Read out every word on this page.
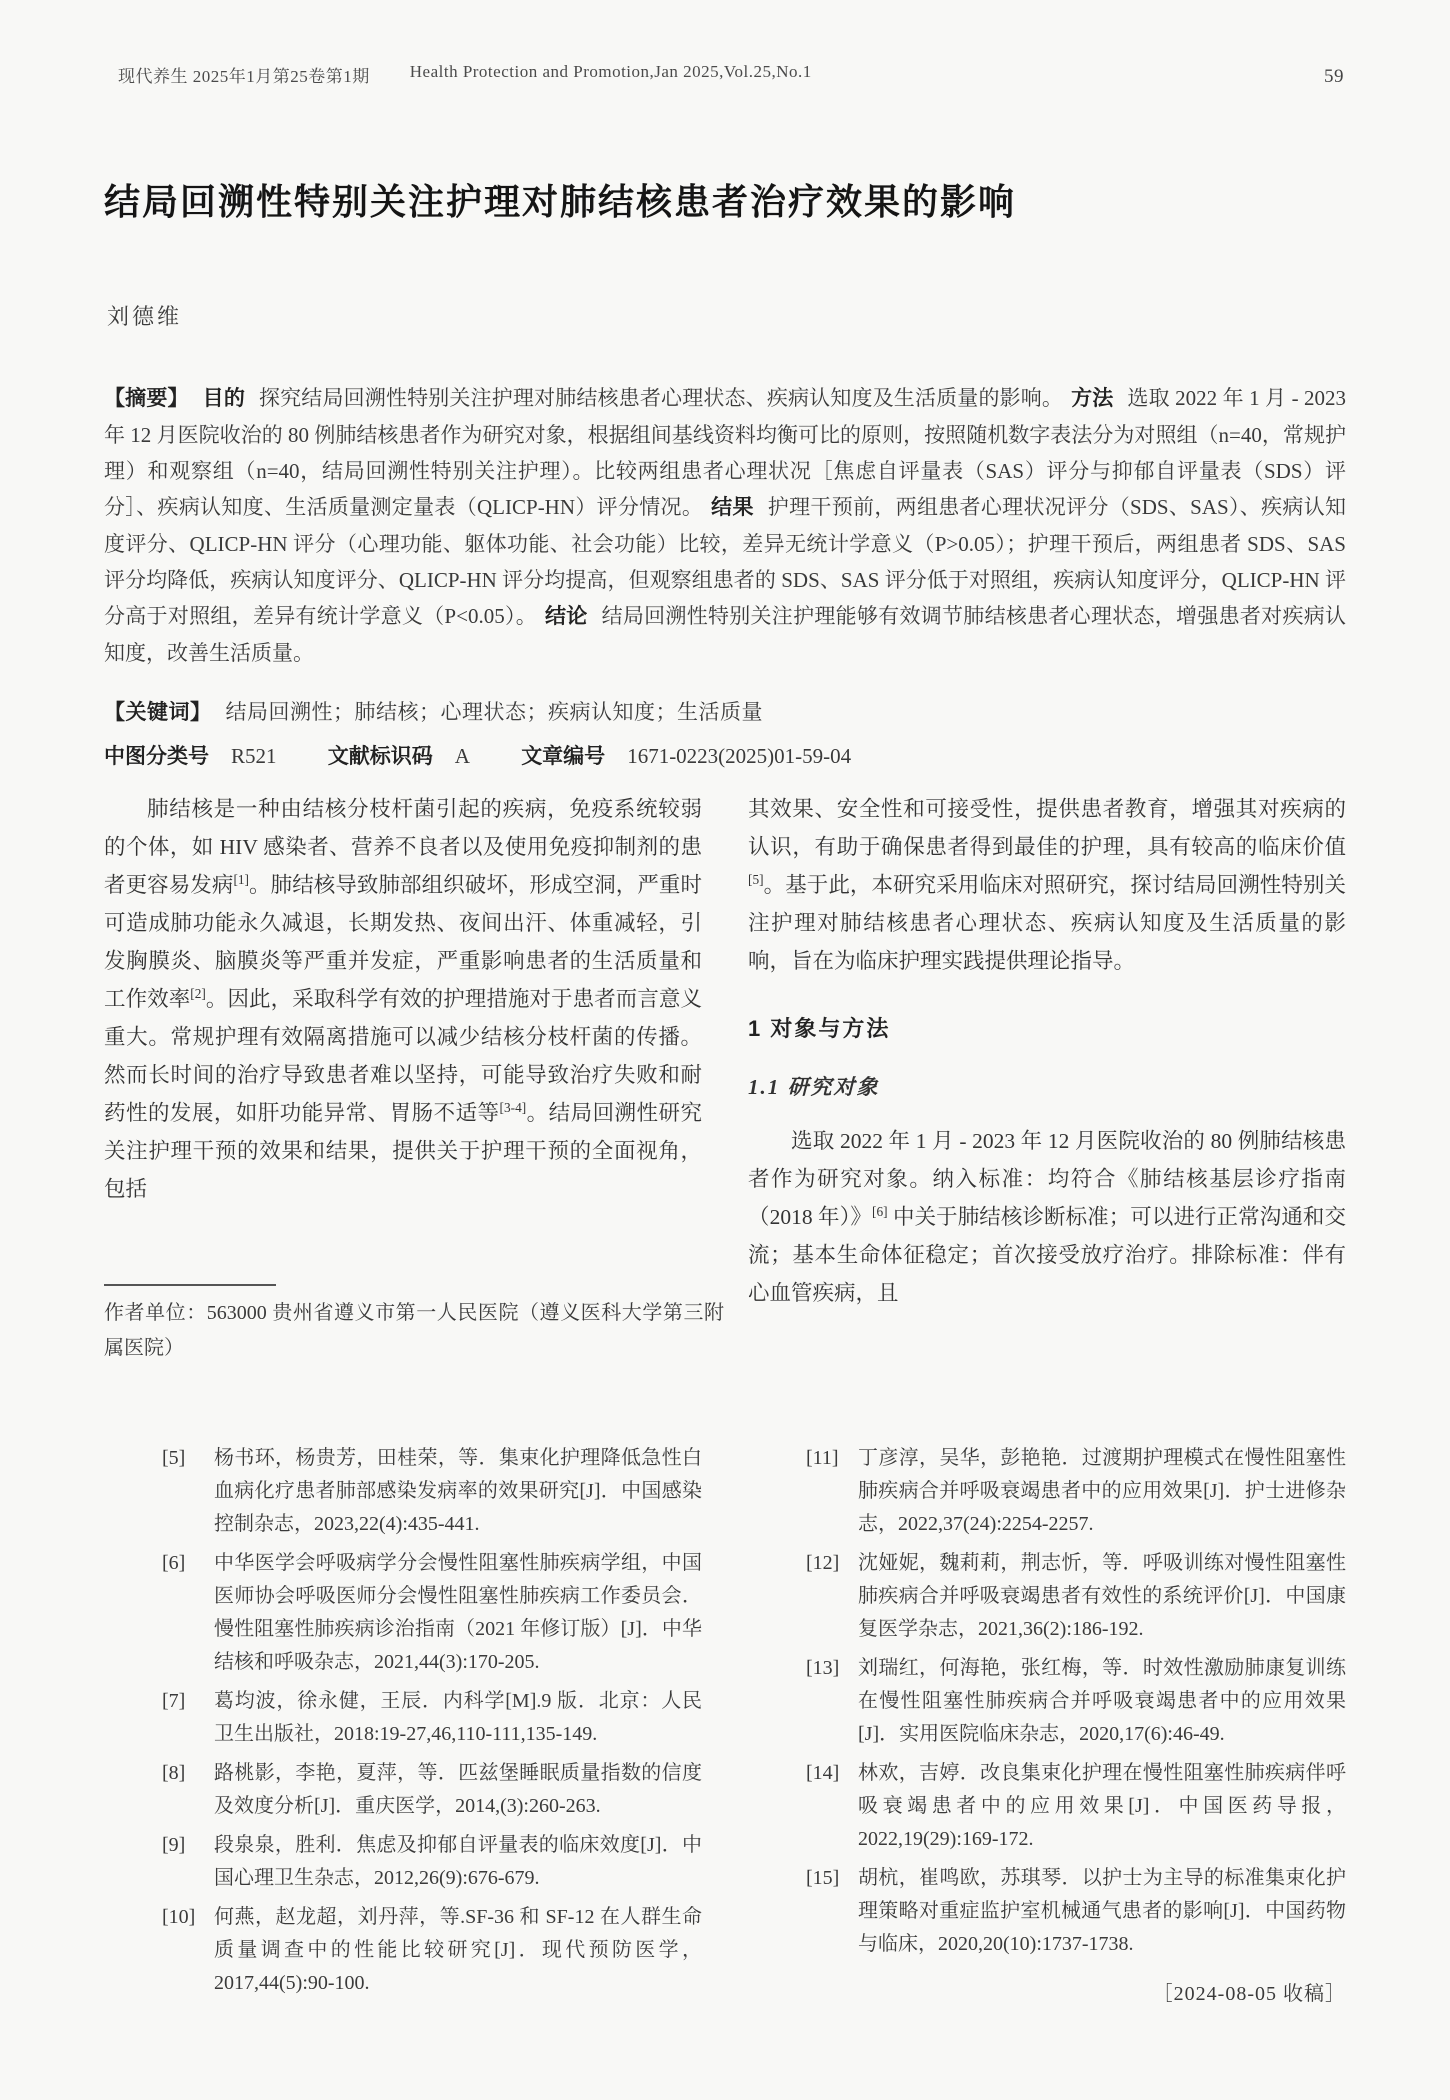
现代养生 2025年1月第25卷第1期 Health Protection and Promotion,Jan 2025,Vol.25,No.1	59
结局回溯性特别关注护理对肺结核患者治疗效果的影响
刘德维
【摘要】 目的 探究结局回溯性特别关注护理对肺结核患者心理状态、疾病认知度及生活质量的影响。 方法 选取 2022 年 1 月 - 2023 年 12 月医院收治的 80 例肺结核患者作为研究对象，根据组间基线资料均衡可比的原则，按照随机数字表法分为对照组（n=40，常规护理）和观察组（n=40，结局回溯性特别关注护理）。比较两组患者心理状况［焦虑自评量表（SAS）评分与抑郁自评量表（SDS）评分］、疾病认知度、生活质量测定量表（QLICP-HN）评分情况。 结果 护理干预前，两组患者心理状况评分（SDS、SAS）、疾病认知度评分、QLICP-HN 评分（心理功能、躯体功能、社会功能）比较，差异无统计学意义（P>0.05）；护理干预后，两组患者 SDS、SAS 评分均降低，疾病认知度评分、QLICP-HN 评分均提高，但观察组患者的 SDS、SAS 评分低于对照组，疾病认知度评分，QLICP-HN 评分高于对照组，差异有统计学意义（P<0.05）。 结论 结局回溯性特别关注护理能够有效调节肺结核患者心理状态，增强患者对疾病认知度，改善生活质量。
【关键词】 结局回溯性；肺结核；心理状态；疾病认知度；生活质量
中图分类号 R521 文献标识码 A 文章编号 1671-0223(2025)01-59-04

肺结核是一种由结核分枝杆菌引起的疾病，免疫系统较弱的个体，如 HIV 感染者、营养不良者以及使用免疫抑制剂的患者更容易发病[1]。肺结核导致肺部组织破坏，形成空洞，严重时可造成肺功能永久减退，长期发热、夜间出汗、体重减轻，引发胸膜炎、脑膜炎等严重并发症，严重影响患者的生活质量和工作效率[2]。因此，采取科学有效的护理措施对于患者而言意义重大。常规护理有效隔离措施可以减少结核分枝杆菌的传播。然而长时间的治疗导致患者难以坚持，可能导致治疗失败和耐药性的发展，如肝功能异常、胃肠不适等[3-4]。结局回溯性研究关注护理干预的效果和结果，提供关于护理干预的全面视角，包括

其效果、安全性和可接受性，提供患者教育，增强其对疾病的认识，有助于确保患者得到最佳的护理，具有较高的临床价值[5]。基于此，本研究采用临床对照研究，探讨结局回溯性特别关注护理对肺结核患者心理状态、疾病认知度及生活质量的影响，旨在为临床护理实践提供理论指导。

1 对象与方法
1.1 研究对象

选取 2022 年 1 月 - 2023 年 12 月医院收治的 80 例肺结核患者作为研究对象。纳入标准：均符合《肺结核基层诊疗指南（2018 年）》[6] 中关于肺结核诊断标准；可以进行正常沟通和交流；基本生命体征稳定；首次接受放疗治疗。排除标准：伴有心血管疾病，且

作者单位：563000 贵州省遵义市第一人民医院（遵义医科大学第三附属医院）
[5]	杨书环，杨贵芳，田桂荣，等．集束化护理降低急性白血病化疗患者肺部感染发病率的效果研究[J]．中国感染控制杂志，2023,22(4):435-441.
[6]	中华医学会呼吸病学分会慢性阻塞性肺疾病学组，中国医师协会呼吸医师分会慢性阻塞性肺疾病工作委员会．慢性阻塞性肺疾病诊治指南（2021 年修订版）[J]．中华结核和呼吸杂志，2021,44(3):170-205.
[7]	葛均波，徐永健，王辰．内科学[M].9 版．北京：人民卫生出版社，2018:19-27,46,110-111,135-149.
[8]	路桃影，李艳，夏萍，等．匹兹堡睡眠质量指数的信度及效度分析[J]．重庆医学，2014,(3):260-263.
[9]	段泉泉，胜利．焦虑及抑郁自评量表的临床效度[J]．中国心理卫生杂志，2012,26(9):676-679.
[10] 何燕，赵龙超，刘丹萍，等.SF-36 和 SF-12 在人群生命质量调查中的性能比较研究[J]．现代预防医学，2017,44(5):90-100.
[11] 丁彦淳，吴华，彭艳艳．过渡期护理模式在慢性阻塞性肺疾病合并呼吸衰竭患者中的应用效果[J]．护士进修杂志，2022,37(24):2254-2257.
[12] 沈娅妮，魏莉莉，荆志忻，等．呼吸训练对慢性阻塞性肺疾病合并呼吸衰竭患者有效性的系统评价[J]．中国康复医学杂志，2021,36(2):186-192.
[13] 刘瑞红，何海艳，张红梅，等．时效性激励肺康复训练在慢性阻塞性肺疾病合并呼吸衰竭患者中的应用效果[J]．实用医院临床杂志，2020,17(6):46-49.
[14] 林欢，吉婷．改良集束化护理在慢性阻塞性肺疾病伴呼吸衰竭患者中的应用效果[J]．中国医药导报，2022,19(29):169-172.
[15] 胡杭，崔鸣欧，苏琪琴．以护士为主导的标准集束化护理策略对重症监护室机械通气患者的影响[J]．中国药物与临床，2020,20(10):1737-1738.
［2024-08-05 收稿］
